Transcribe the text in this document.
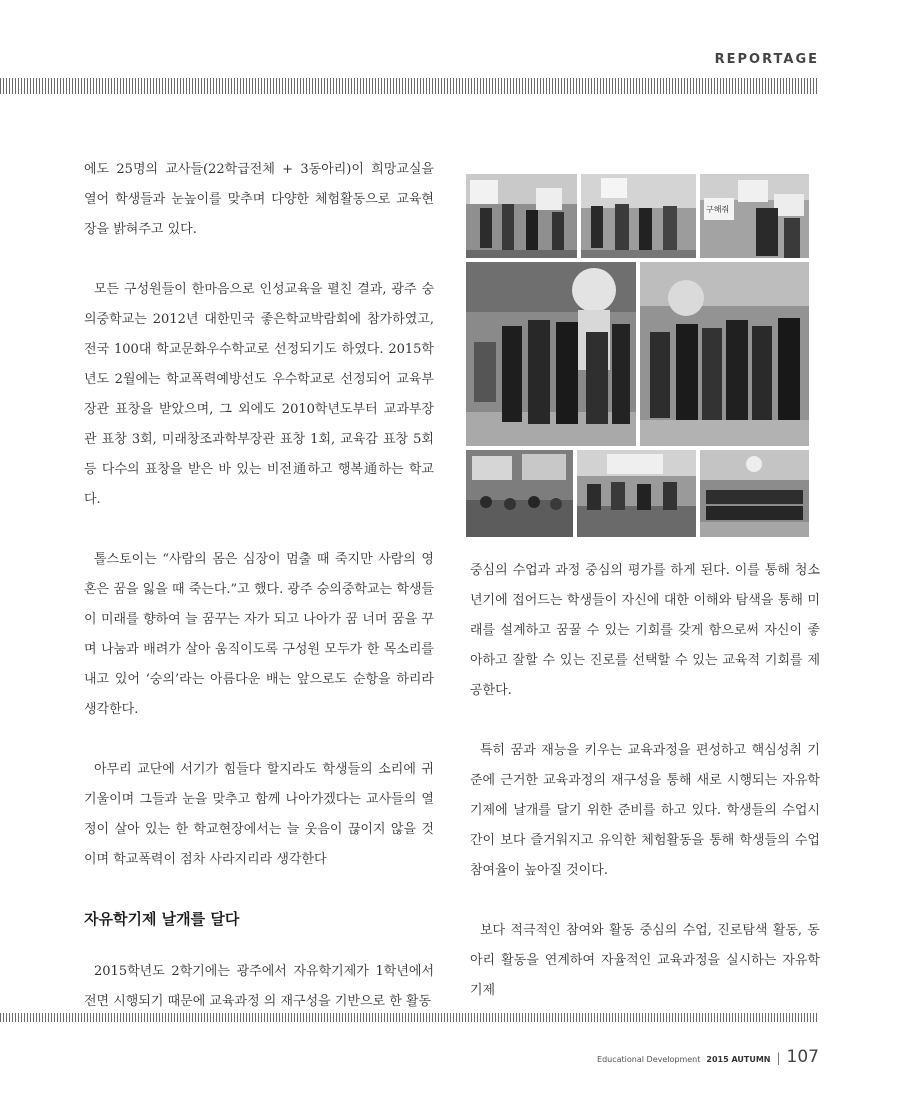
REPORTAGE

에도 25명의 교사들(22학급전체 + 3동아리)이 희망교실을 열어 학생들과 눈높이를 맞추며 다양한 체험활동으로 교육현장을 밝혀주고 있다.

모든 구성원들이 한마음으로 인성교육을 펼친 결과, 광주 숭의중학교는 2012년 대한민국 좋은학교박람회에 참가하였고, 전국 100대 학교문화우수학교로 선정되기도 하였다. 2015학년도 2월에는 학교폭력예방선도 우수학교로 선정되어 교육부장관 표창을 받았으며, 그 외에도 2010학년도부터 교과부장관 표창 3회, 미래창조과학부장관 표창 1회, 교육감 표창 5회 등 다수의 표창을 받은 바 있는 비전通하고 행복通하는 학교다.

톨스토이는 “사람의 몸은 심장이 멈출 때 죽지만 사람의 영혼은 꿈을 잃을 때 죽는다.”고 했다. 광주 숭의중학교는 학생들이 미래를 향하여 늘 꿈꾸는 자가 되고 나아가 꿈 너머 꿈을 꾸며 나눔과 배려가 살아 움직이도록 구성원 모두가 한 목소리를 내고 있어 ‘숭의’라는 아름다운 배는 앞으로도 순항을 하리라 생각한다.

아무리 교단에 서기가 힘들다 할지라도 학생들의 소리에 귀 기울이며 그들과 눈을 맞추고 함께 나아가겠다는 교사들의 열정이 살아 있는 한 학교현장에서는 늘 웃음이 끊이지 않을 것이며 학교폭력이 점차 사라지리라 생각한다

자유학기제 날개를 달다

2015학년도 2학기에는 광주에서 자유학기제가 1학년에서 전면 시행되기 때문에 교육과정 의 재구성을 기반으로 한 활동

구해줘

중심의 수업과 과정 중심의 평가를 하게 된다. 이를 통해 청소년기에 접어드는 학생들이 자신에 대한 이해와 탐색을 통해 미래를 설계하고 꿈꿀 수 있는 기회를 갖게 함으로써 자신이 좋아하고 잘할 수 있는 진로를 선택할 수 있는 교육적 기회를 제공한다.

특히 꿈과 재능을 키우는 교육과정을 편성하고 핵심성취 기준에 근거한 교육과정의 재구성을 통해 새로 시행되는 자유학기제에 날개를 달기 위한 준비를 하고 있다. 학생들의 수업시간이 보다 즐거워지고 유익한 체험활동을 통해 학생들의 수업 참여율이 높아질 것이다.

보다 적극적인 참여와 활동 중심의 수업, 진로탐색 활동, 동아리 활동을 연계하여 자율적인 교육과정을 실시하는 자유학기제

Educational Development 2015 AUTUMN | 107
